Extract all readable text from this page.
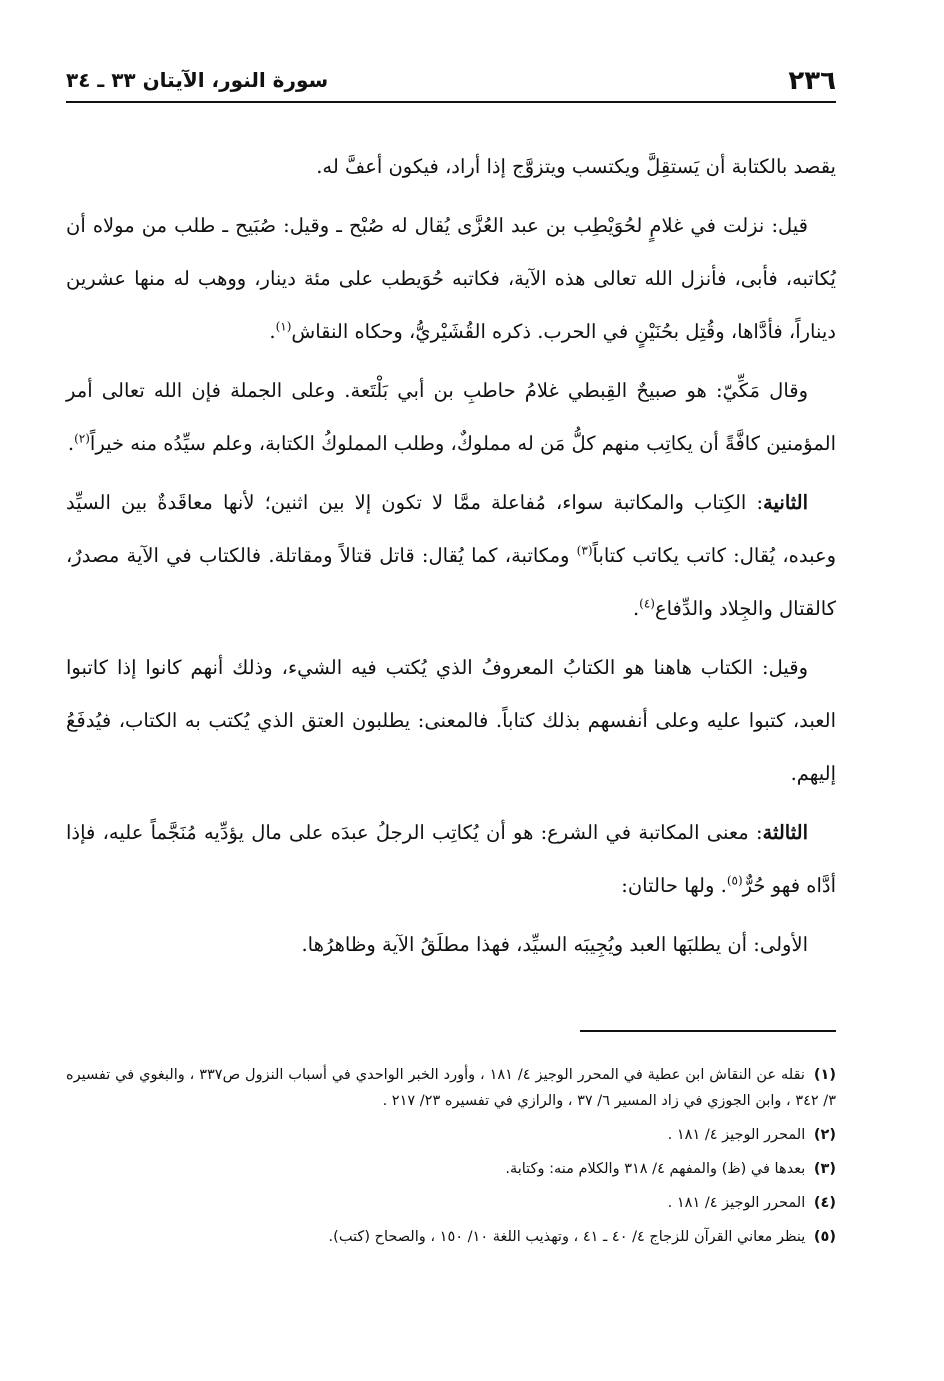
٢٣٦
سورة النور، الآيتان ٣٣ ـ ٣٤

يقصد بالكتابة أن يَستقِلَّ ويكتسب ويتزوَّج إذا أراد، فيكون أعفَّ له.

قيل: نزلت في غلامٍ لحُوَيْطِب بن عبد العُزَّى يُقال له صُبْح ـ وقيل: صُبَيح ـ طلب من مولاه أن يُكاتبه، فأبى، فأنزل الله تعالى هذه الآية، فكاتبه حُوَيطب على مئة دينار، ووهب له منها عشرين ديناراً، فأدَّاها، وقُتِل بحُنَيْنٍ في الحرب. ذكره القُشَيْريُّ، وحكاه النقاش$^{(١)}$.

وقال مَكِّيّ: هو صبيحٌ القِبطي غلامُ حاطبِ بن أبي بَلْتَعة. وعلى الجملة فإن الله تعالى أمر المؤمنين كافَّةً أن يكاتِب منهم كلُّ مَن له مملوكٌ، وطلب المملوكُ الكتابة، وعلم سيِّدُه منه خيراً$^{(٢)}$.

الثانية: الكِتاب والمكاتبة سواء، مُفاعلة ممَّا لا تكون إلا بين اثنين؛ لأنها معاقَدةٌ بين السيِّد وعبده، يُقال: كاتب يكاتب كتاباً$^{(٣)}$ ومكاتبة، كما يُقال: قاتل قتالاً ومقاتلة. فالكتاب في الآية مصدرٌ، كالقتال والجِلاد والدِّفاع$^{(٤)}$.

وقيل: الكتاب هاهنا هو الكتابُ المعروفُ الذي يُكتب فيه الشيء، وذلك أنهم كانوا إذا كاتبوا العبد، كتبوا عليه وعلى أنفسهم بذلك كتاباً. فالمعنى: يطلبون العتق الذي يُكتب به الكتاب، فيُدفَعُ إليهم.

الثالثة: معنى المكاتبة في الشرع: هو أن يُكاتِب الرجلُ عبدَه على مال يؤدِّيه مُنَجَّماً عليه، فإذا أدَّاه فهو حُرٌّ$^{(٥)}$. ولها حالتان:

الأولى: أن يطلبَها العبد ويُجِيبَه السيِّد، فهذا مطلَقُ الآية وظاهرُها.

(١) نقله عن النقاش ابن عطية في المحرر الوجيز ٤/ ١٨١ ، وأورد الخبر الواحدي في أسباب النزول ص٣٣٧ ، والبغوي في تفسيره ٣/ ٣٤٢ ، وابن الجوزي في زاد المسير ٦/ ٣٧ ، والرازي في تفسيره ٢٣/ ٢١٧ .
(٢) المحرر الوجيز ٤/ ١٨١ .
(٣) بعدها في (ظ) والمفهم ٤/ ٣١٨ والكلام منه: وكتابة.
(٤) المحرر الوجيز ٤/ ١٨١ .
(٥) ينظر معاني القرآن للزجاج ٤/ ٤٠ ـ ٤١ ، وتهذيب اللغة ١٠/ ١٥٠ ، والصحاح (كتب).
